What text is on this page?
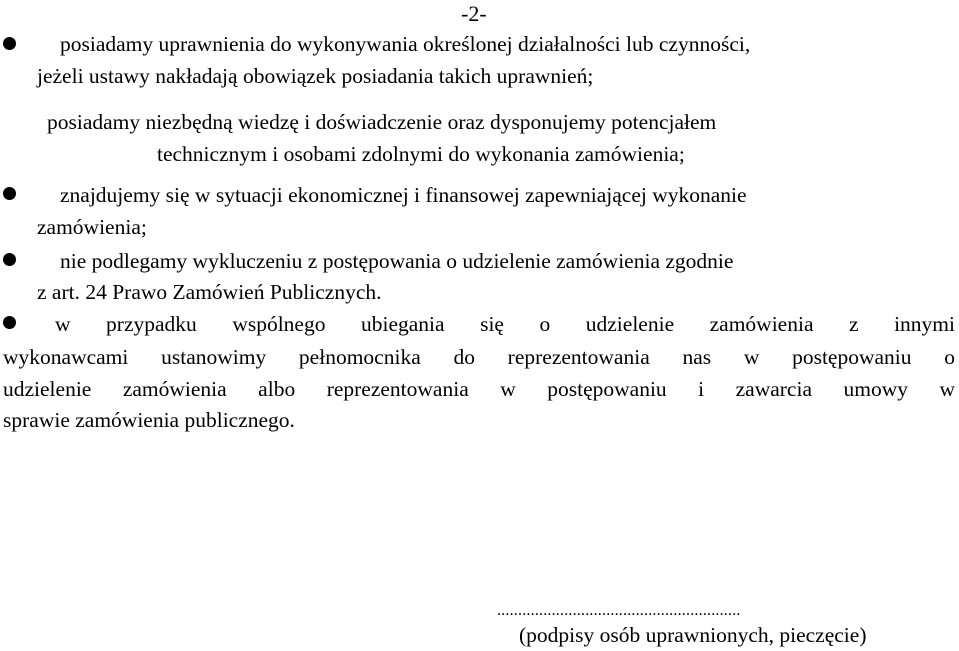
-2-
posiadamy uprawnienia do wykonywania określonej działalności lub czynności,
jeżeli ustawy nakładają obowiązek posiadania takich uprawnień;
posiadamy niezbędną wiedzę i doświadczenie oraz dysponujemy potencjałem
technicznym i osobami zdolnymi do wykonania zamówienia;
znajdujemy się w sytuacji ekonomicznej i finansowej zapewniającej wykonanie
zamówienia;
nie podlegamy wykluczeniu z postępowania o udzielenie zamówienia zgodnie
z art. 24 Prawo Zamówień Publicznych.
w przypadku wspólnego ubiegania się o udzielenie zamówienia z innymi
wykonawcami ustanowimy pełnomocnika do reprezentowania nas w postępowaniu o
udzielenie zamówienia albo reprezentowania w postępowaniu i zawarcia umowy w
sprawie zamówienia publicznego.
..........................................................
(podpisy osób uprawnionych, pieczęcie)
